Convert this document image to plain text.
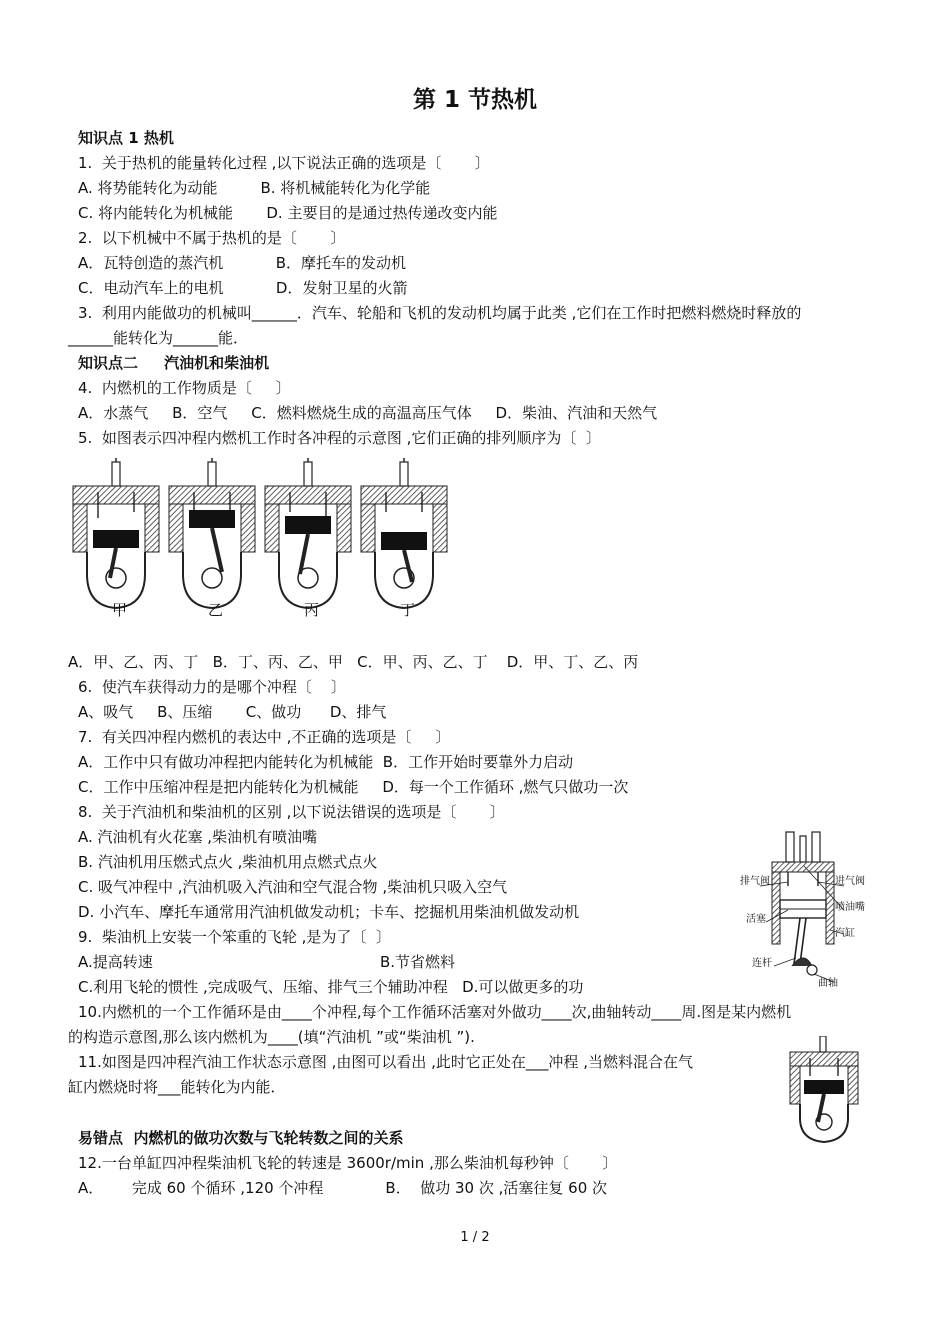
第 1 节热机
知识点 1 热机
1.  关于热机的能量转化过程 ,以下说法正确的选项是〔       〕
A. 将势能转化为动能         B. 将机械能转化为化学能
C. 将内能转化为机械能       D. 主要目的是通过热传递改变内能
2.  以下机械中不属于热机的是〔       〕
A．瓦特创造的蒸汽机           B．摩托车的发动机
C．电动汽车上的电机           D．发射卫星的火箭
3.  利用内能做功的机械叫______．汽车、轮船和飞机的发动机均属于此类 ,它们在工作时把燃料燃烧时释放的
______能转化为______能．
知识点二     汽油机和柴油机
4.  内燃机的工作物质是〔     〕
A．水蒸气     B．空气     C．燃料燃烧生成的高温高压气体     D．柴油、汽油和天然气
5.  如图表示四冲程内燃机工作时各冲程的示意图 ,它们正确的排列顺序为〔  〕
甲	乙	丙	丁
A．甲、乙、丙、丁   B．丁、丙、乙、甲   C．甲、丙、乙、丁    D．甲、丁、乙、丙
6.  使汽车获得动力的是哪个冲程〔    〕
A、吸气     B、压缩       C、做功      D、排气
7.  有关四冲程内燃机的表达中 ,不正确的选项是〔     〕
A．工作中只有做功冲程把内能转化为机械能  B．工作开始时要靠外力启动
C．工作中压缩冲程是把内能转化为机械能     D．每一个工作循环 ,燃气只做功一次
8.  关于汽油机和柴油机的区别 ,以下说法错误的选项是〔       〕
A. 汽油机有火花塞 ,柴油机有喷油嘴
B. 汽油机用压燃式点火 ,柴油机用点燃式点火
C. 吸气冲程中 ,汽油机吸入汽油和空气混合物 ,柴油机只吸入空气
D. 小汽车、摩托车通常用汽油机做发动机；卡车、挖掘机用柴油机做发动机
9.  柴油机上安装一个笨重的飞轮 ,是为了〔  〕
A.提高转速	B.节省燃料
C.利用飞轮的惯性 ,完成吸气、压缩、排气三个辅助冲程   D.可以做更多的功
排气阀	进气阀
喷油嘴
活塞
汽缸
连杆
曲轴
10.内燃机的一个工作循环是由____个冲程,每个工作循环活塞对外做功____次,曲轴转动____周.图是某内燃机
的构造示意图,那么该内燃机为____(填“汽油机 ”或“柴油机 ”).
11.如图是四冲程汽油工作状态示意图 ,由图可以看出 ,此时它正处在___冲程 ,当燃料混合在气
缸内燃烧时将___能转化为内能．
易错点  内燃机的做功次数与飞轮转数之间的关系
12.一台单缸四冲程柴油机飞轮的转速是 3600r/min ,那么柴油机每秒钟〔       〕
A．      完成 60 个循环 ,120 个冲程             B．  做功 30 次 ,活塞往复 60 次
1 / 2
